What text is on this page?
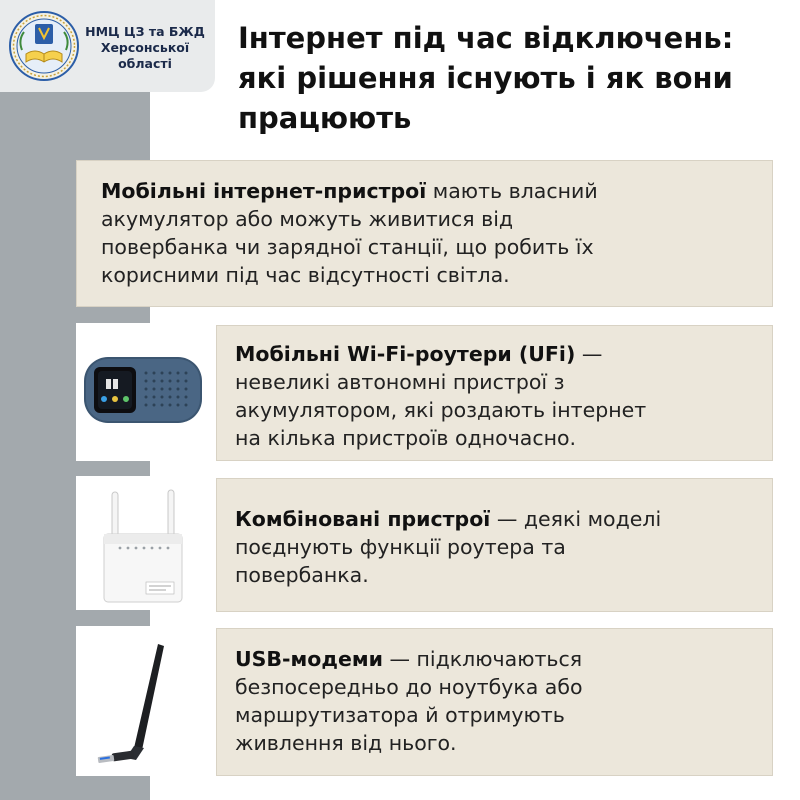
НМЦ ЦЗ та БЖД
Херсонської
області
Інтернет під час відключень:
які рішення існують і як вони
працюють

Мобільні інтернет-пристрої мають власний
акумулятор або можуть живитися від
повербанка чи зарядної станції, що робить їх
корисними під час відсутності світла.

Мобільні Wi-Fi-роутери (UFi) —
невеликі автономні пристрої з
акумулятором, які роздають інтернет
на кілька пристроїв одночасно.

Комбіновані пристрої — деякі моделі
поєднують функції роутера та
повербанка.

USB-модеми — підключаються
безпосередньо до ноутбука або
маршрутизатора й отримують
живлення від нього.
